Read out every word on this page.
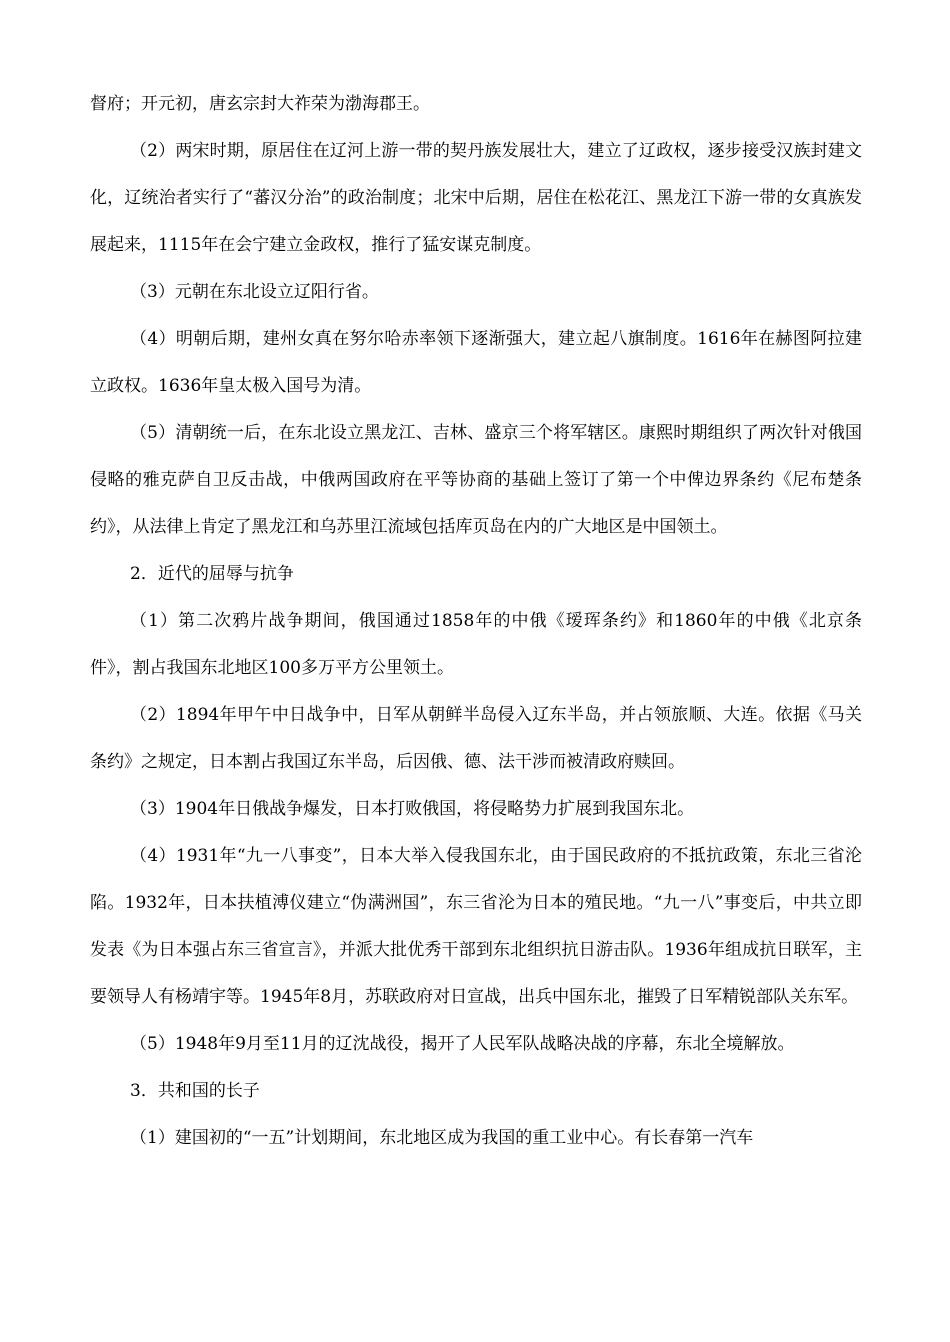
督府；开元初，唐玄宗封大祚荣为渤海郡王。

（2）两宋时期，原居住在辽河上游一带的契丹族发展壮大，建立了辽政权，逐步接受汉族封建文化，辽统治者实行了“蕃汉分治”的政治制度；北宋中后期，居住在松花江、黑龙江下游一带的女真族发展起来，1115年在会宁建立金政权，推行了猛安谋克制度。

（3）元朝在东北设立辽阳行省。

（4）明朝后期，建州女真在努尔哈赤率领下逐渐强大，建立起八旗制度。1616年在赫图阿拉建立政权。1636年皇太极入国号为清。

（5）清朝统一后，在东北设立黑龙江、吉林、盛京三个将军辖区。康熙时期组织了两次针对俄国侵略的雅克萨自卫反击战，中俄两国政府在平等协商的基础上签订了第一个中俾边界条约《尼布楚条约》，从法律上肯定了黑龙江和乌苏里江流域包括库页岛在内的广大地区是中国领土。

2．近代的屈辱与抗争

（1）第二次鸦片战争期间，俄国通过1858年的中俄《瑷珲条约》和1860年的中俄《北京条件》，割占我国东北地区100多万平方公里领土。

（2）1894年甲午中日战争中，日军从朝鲜半岛侵入辽东半岛，并占领旅顺、大连。依据《马关条约》之规定，日本割占我国辽东半岛，后因俄、德、法干涉而被清政府赎回。

（3）1904年日俄战争爆发，日本打败俄国，将侵略势力扩展到我国东北。

（4）1931年“九一八事变”，日本大举入侵我国东北，由于国民政府的不抵抗政策，东北三省沦陷。1932年，日本扶植溥仪建立“伪满洲国”，东三省沦为日本的殖民地。“九一八”事变后，中共立即发表《为日本强占东三省宣言》，并派大批优秀干部到东北组织抗日游击队。1936年组成抗日联军，主要领导人有杨靖宇等。1945年8月，苏联政府对日宣战，出兵中国东北，摧毁了日军精锐部队关东军。

（5）1948年9月至11月的辽沈战役，揭开了人民军队战略决战的序幕，东北全境解放。

3．共和国的长子

（1）建国初的“一五”计划期间，东北地区成为我国的重工业中心。有长春第一汽车
